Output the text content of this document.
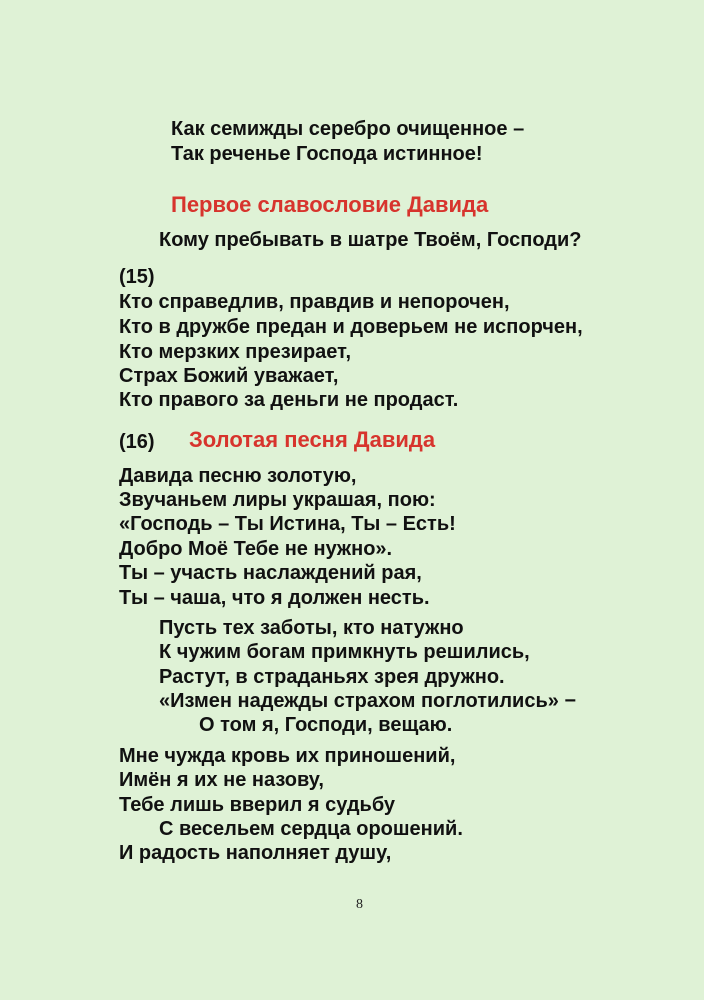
Как семижды серебро очищенное –

Так реченье Господа истинное!

Первое славословие Давида

Кому пребывать в шатре Твоём, Господи?

(15)

Кто справедлив, правдив и непорочен,

Кто в дружбе предан и доверьем не испорчен,

Кто мерзких презирает,

Страх Божий уважает,

Кто правого за деньги не продаст.

(16) Золотая песня Давида

Давида песню золотую,

Звучаньем лиры украшая, пою:

«Господь – Ты Истина, Ты – Есть!

Добро Моё Тебе не нужно».

Ты – участь наслаждений рая,

Ты – чаша, что я должен несть.

Пусть тех заботы, кто натужно

К чужим богам примкнуть решились,

Растут, в страданьях зрея дружно.

«Измен надежды страхом поглотились» −

О том я, Господи, вещаю.

Мне чужда кровь их приношений,

Имён я их не назову,

Тебе лишь вверил я судьбу

С весельем сердца орошений.

И радость наполняет душу,

8
